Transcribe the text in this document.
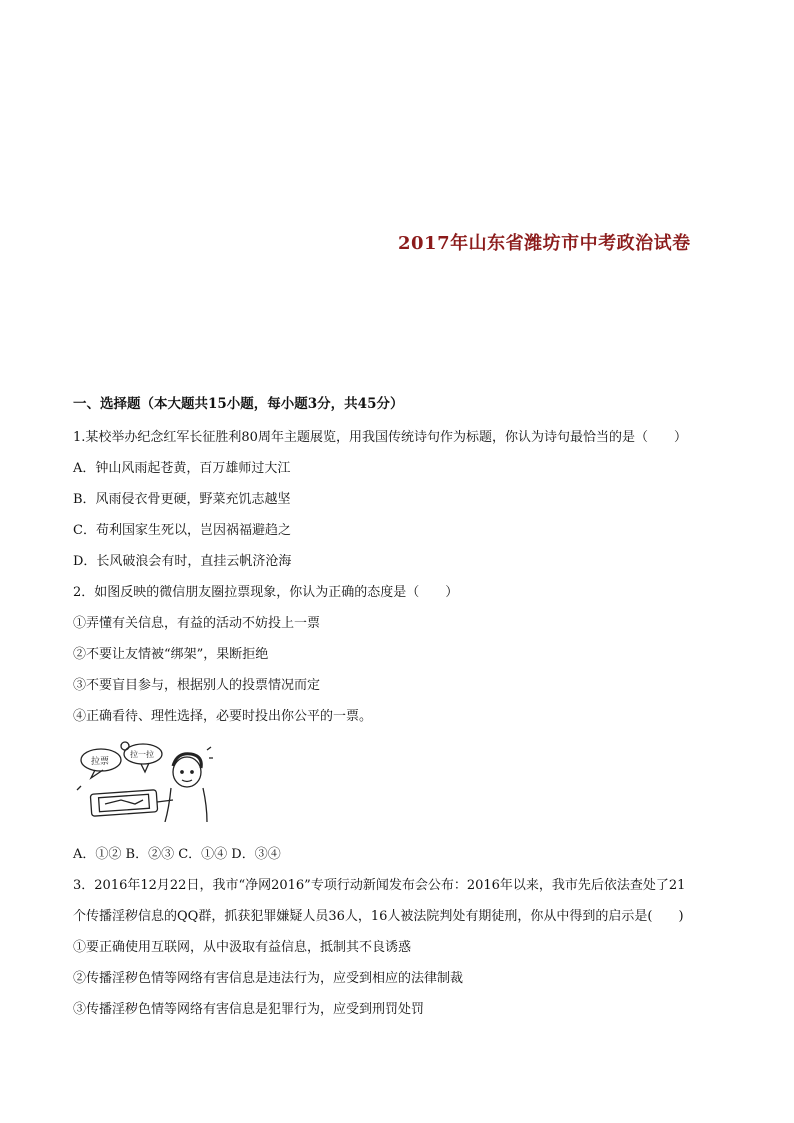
2017年山东省潍坊市中考政治试卷
一、选择题（本大题共15小题，每小题3分，共45分）
1.某校举办纪念红军长征胜利80周年主题展览，用我国传统诗句作为标题，你认为诗句最恰当的是（　　）
A．钟山风雨起苍黄，百万雄师过大江
B．风雨侵衣骨更硬，野菜充饥志越坚
C．苟利国家生死以，岂因祸福避趋之
D．长风破浪会有时，直挂云帆济沧海
2．如图反映的微信朋友圈拉票现象，你认为正确的态度是（　　）
①弄懂有关信息，有益的活动不妨投上一票
②不要让友情被“绑架”，果断拒绝
③不要盲目参与，根据别人的投票情况而定
④正确看待、理性选择，必要时投出你公平的一票。
拉票
拉一拉
A．①② B．②③ C．①④ D．③④
3．2016年12月22日，我市“净网2016”专项行动新闻发布会公布：2016年以来，我市先后依法查处了21
个传播淫秽信息的QQ群，抓获犯罪嫌疑人员36人，16人被法院判处有期徒刑，你从中得到的启示是(　　)
①要正确使用互联网，从中汲取有益信息，抵制其不良诱惑
②传播淫秽色情等网络有害信息是违法行为，应受到相应的法律制裁
③传播淫秽色情等网络有害信息是犯罪行为，应受到刑罚处罚
